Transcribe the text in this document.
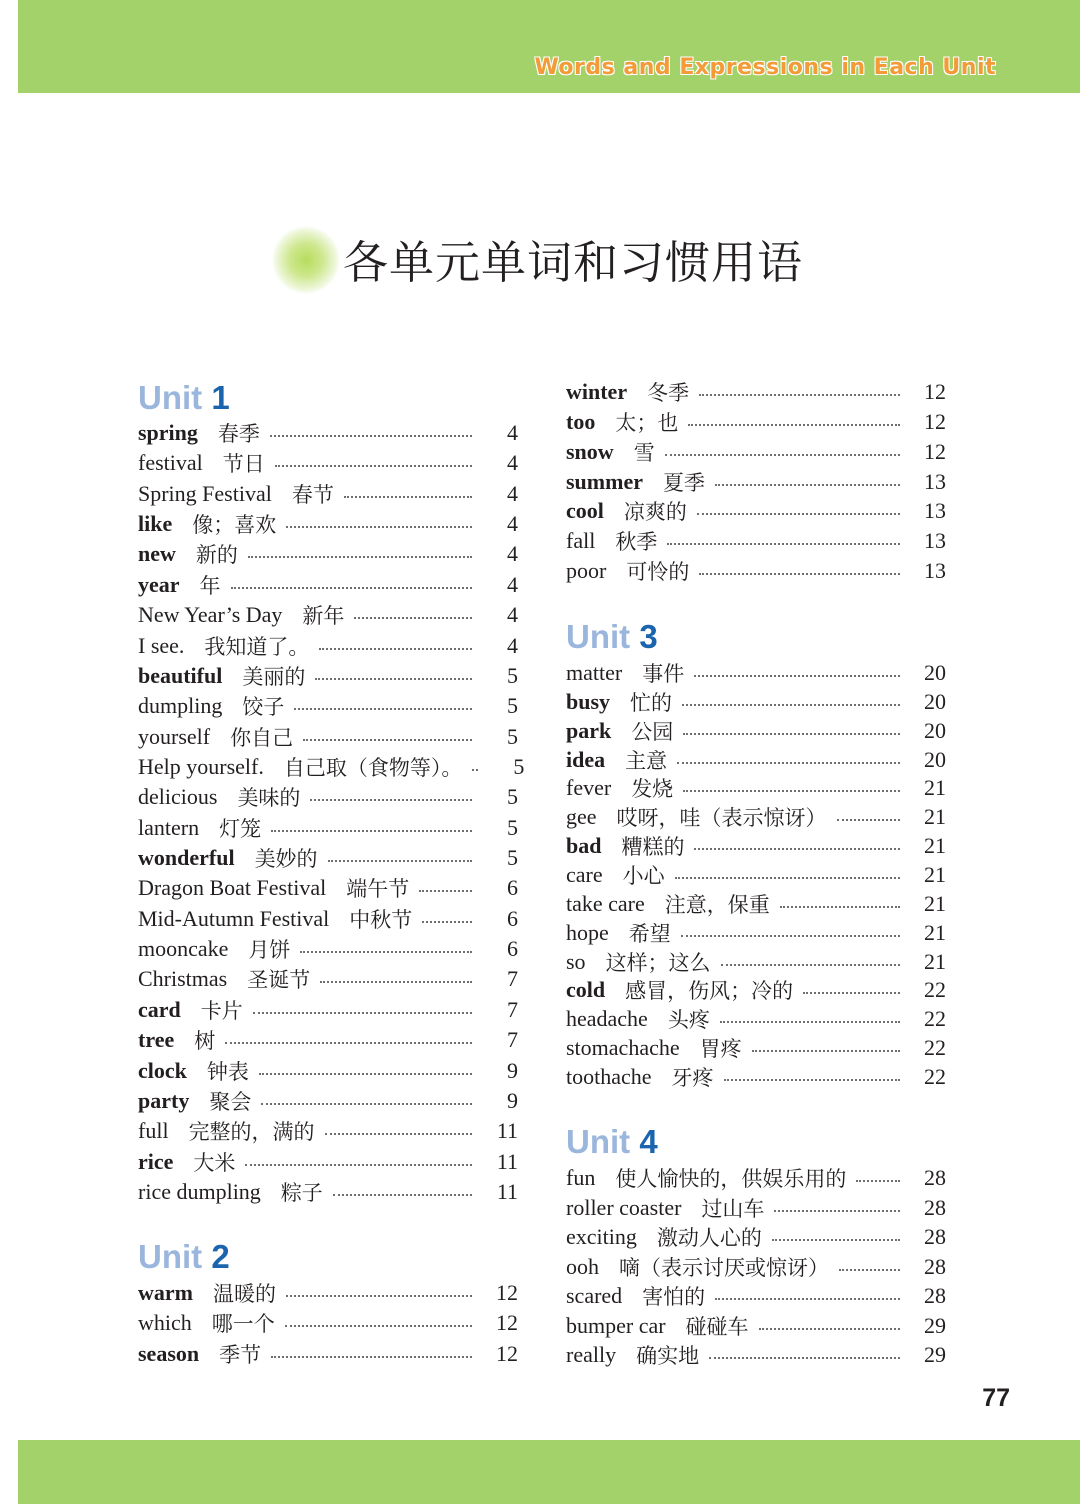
Words and Expressions in Each Unit
各单元单词和习惯用语
Unit 1
spring 春季	4
festival 节日	4
Spring Festival 春节	4
like 像；喜欢	4
new 新的	4
year 年	4
New Year’s Day 新年	4
I see. 我知道了。	4
beautiful 美丽的	5
dumpling 饺子	5
yourself 你自己	5
Help yourself. 自己取（食物等）。	5
delicious 美味的	5
lantern 灯笼	5
wonderful 美妙的	5
Dragon Boat Festival 端午节	6
Mid-Autumn Festival 中秋节	6
mooncake 月饼	6
Christmas 圣诞节	7
card 卡片	7
tree 树	7
clock 钟表	9
party 聚会	9
full 完整的，满的	11
rice 大米	11
rice dumpling 粽子	11
Unit 2
warm 温暖的	12
which 哪一个	12
season 季节	12
winter 冬季	12
too 太；也	12
snow 雪	12
summer 夏季	13
cool 凉爽的	13
fall 秋季	13
poor 可怜的	13
Unit 3
matter 事件	20
busy 忙的	20
park 公园	20
idea 主意	20
fever 发烧	21
gee 哎呀，哇（表示惊讶）	21
bad 糟糕的	21
care 小心	21
take care 注意，保重	21
hope 希望	21
so 这样；这么	21
cold 感冒，伤风；冷的	22
headache 头疼	22
stomachache 胃疼	22
toothache 牙疼	22
Unit 4
fun 使人愉快的，供娱乐用的	28
roller coaster 过山车	28
exciting 激动人心的	28
ooh 嘀（表示讨厌或惊讶）	28
scared 害怕的	28
bumper car 碰碰车	29
really 确实地	29
77
